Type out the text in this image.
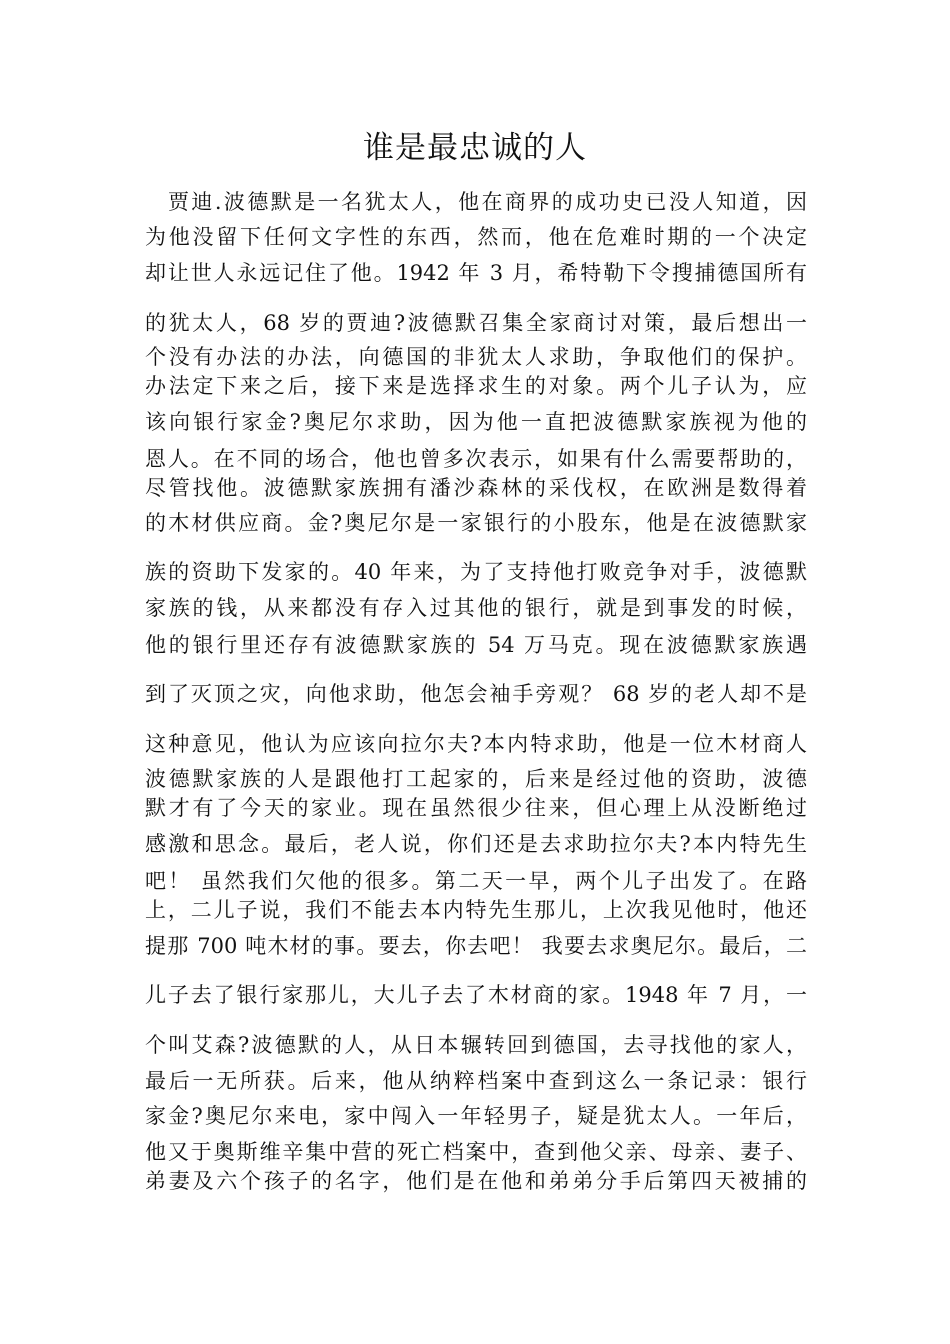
谁是最忠诚的人
贾迪.波德默是一名犹太人，他在商界的成功史已没人知道，因
为他没留下任何文字性的东西，然而，他在危难时期的一个决定
却让世人永远记住了他。1942 年 3 月，希特勒下令搜捕德国所有
的犹太人，68 岁的贾迪?波德默召集全家商讨对策，最后想出一
个没有办法的办法，向德国的非犹太人求助，争取他们的保护。
办法定下来之后，接下来是选择求生的对象。两个儿子认为，应
该向银行家金?奥尼尔求助，因为他一直把波德默家族视为他的
恩人。在不同的场合，他也曾多次表示，如果有什么需要帮助的，
尽管找他。波德默家族拥有潘沙森林的采伐权，在欧洲是数得着
的木材供应商。金?奥尼尔是一家银行的小股东，他是在波德默家
族的资助下发家的。40 年来，为了支持他打败竞争对手，波德默
家族的钱，从来都没有存入过其他的银行，就是到事发的时候，
他的银行里还存有波德默家族的 54 万马克。现在波德默家族遇
到了灭顶之灾，向他求助，他怎会袖手旁观？ 68 岁的老人却不是
这种意见，他认为应该向拉尔夫?本内特求助，他是一位木材商人
波德默家族的人是跟他打工起家的，后来是经过他的资助，波德
默才有了今天的家业。现在虽然很少往来，但心理上从没断绝过
感激和思念。最后，老人说，你们还是去求助拉尔夫?本内特先生
吧！ 虽然我们欠他的很多。第二天一早，两个儿子出发了。在路
上，二儿子说，我们不能去本内特先生那儿，上次我见他时，他还
提那 700 吨木材的事。要去，你去吧！ 我要去求奥尼尔。最后，二
儿子去了银行家那儿，大儿子去了木材商的家。1948 年 7 月，一
个叫艾森?波德默的人，从日本辗转回到德国，去寻找他的家人，
最后一无所获。后来，他从纳粹档案中查到这么一条记录：银行
家金?奥尼尔来电，家中闯入一年轻男子，疑是犹太人。一年后，
他又于奥斯维辛集中营的死亡档案中，查到他父亲、母亲、妻子、
弟妻及六个孩子的名字，他们是在他和弟弟分手后第四天被捕的
